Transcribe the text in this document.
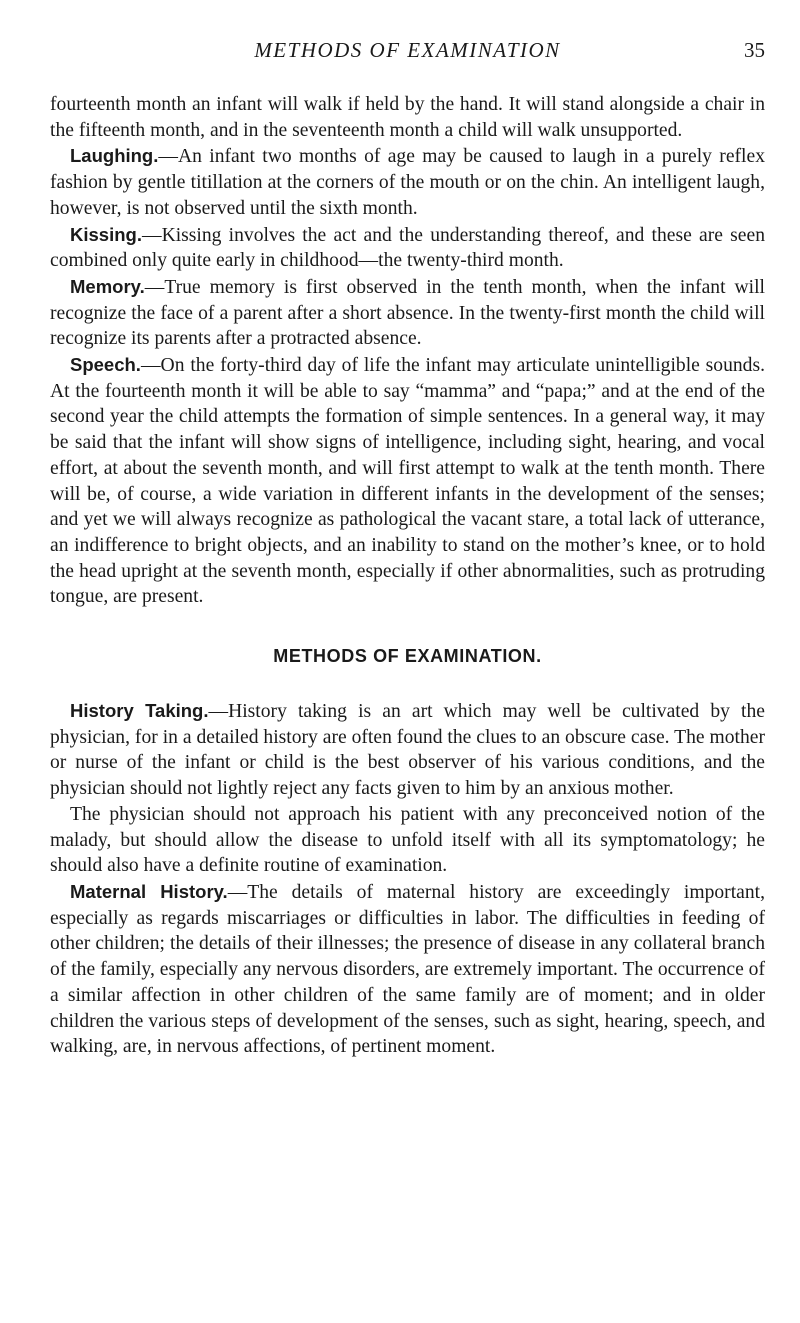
METHODS OF EXAMINATION	35

fourteenth month an infant will walk if held by the hand. It will stand alongside a chair in the fifteenth month, and in the seventeenth month a child will walk unsupported.

Laughing.—An infant two months of age may be caused to laugh in a purely reflex fashion by gentle titillation at the corners of the mouth or on the chin. An intelligent laugh, however, is not observed until the sixth month.

Kissing.—Kissing involves the act and the understanding thereof, and these are seen combined only quite early in childhood—the twenty-third month.

Memory.—True memory is first observed in the tenth month, when the infant will recognize the face of a parent after a short absence. In the twenty-first month the child will recognize its parents after a protracted absence.

Speech.—On the forty-third day of life the infant may articulate unintelligible sounds. At the fourteenth month it will be able to say “mamma” and “papa;” and at the end of the second year the child attempts the formation of simple sentences. In a general way, it may be said that the infant will show signs of intelligence, including sight, hearing, and vocal effort, at about the seventh month, and will first attempt to walk at the tenth month. There will be, of course, a wide variation in different infants in the development of the senses; and yet we will always recognize as pathological the vacant stare, a total lack of utterance, an indifference to bright objects, and an inability to stand on the mother’s knee, or to hold the head upright at the seventh month, especially if other abnormalities, such as protruding tongue, are present.

METHODS OF EXAMINATION.

History Taking.—History taking is an art which may well be cultivated by the physician, for in a detailed history are often found the clues to an obscure case. The mother or nurse of the infant or child is the best observer of his various conditions, and the physician should not lightly reject any facts given to him by an anxious mother.

The physician should not approach his patient with any preconceived notion of the malady, but should allow the disease to unfold itself with all its symptomatology; he should also have a definite routine of examination.

Maternal History.—The details of maternal history are exceedingly important, especially as regards miscarriages or difficulties in labor. The difficulties in feeding of other children; the details of their illnesses; the presence of disease in any collateral branch of the family, especially any nervous disorders, are extremely important. The occurrence of a similar affection in other children of the same family are of moment; and in older children the various steps of development of the senses, such as sight, hearing, speech, and walking, are, in nervous affections, of pertinent moment.
